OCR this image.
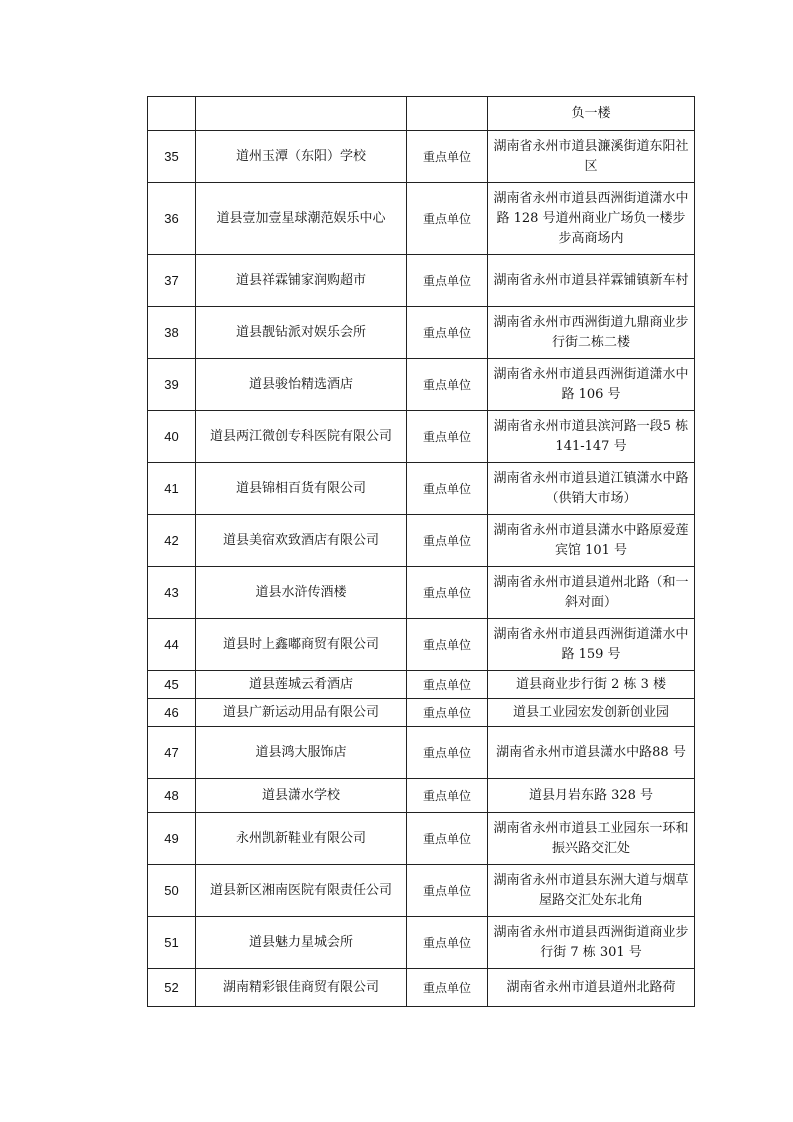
			负一楼
35	道州玉潭（东阳）学校	重点单位	湖南省永州市道县濂溪街道东阳社区
36	道县壹加壹星球潮范娱乐中心	重点单位	湖南省永州市道县西洲街道潇水中路 128 号道州商业广场负一楼步步高商场内
37	道县祥霖铺家润购超市	重点单位	湖南省永州市道县祥霖铺镇新车村
38	道县靓钻派对娱乐会所	重点单位	湖南省永州市西洲街道九鼎商业步行街二栋二楼
39	道县骏怡精选酒店	重点单位	湖南省永州市道县西洲街道潇水中路 106 号
40	道县两江微创专科医院有限公司	重点单位	湖南省永州市道县滨河路一段5 栋 141-147 号
41	道县锦相百货有限公司	重点单位	湖南省永州市道县道江镇潇水中路（供销大市场）
42	道县美宿欢致酒店有限公司	重点单位	湖南省永州市道县潇水中路原爱莲宾馆 101 号
43	道县水浒传酒楼	重点单位	湖南省永州市道县道州北路（和一斜对面）
44	道县时上鑫嘟商贸有限公司	重点单位	湖南省永州市道县西洲街道潇水中路 159 号
45	道县莲城云肴酒店	重点单位	道县商业步行街 2 栋 3 楼
46	道县广新运动用品有限公司	重点单位	道县工业园宏发创新创业园
47	道县鸿大服饰店	重点单位	湖南省永州市道县潇水中路88 号
48	道县潇水学校	重点单位	道县月岩东路 328 号
49	永州凯新鞋业有限公司	重点单位	湖南省永州市道县工业园东一环和振兴路交汇处
50	道县新区湘南医院有限责任公司	重点单位	湖南省永州市道县东洲大道与烟草屋路交汇处东北角
51	道县魅力星城会所	重点单位	湖南省永州市道县西洲街道商业步行街 7 栋 301 号
52	湖南精彩银佳商贸有限公司	重点单位	湖南省永州市道县道州北路荷
